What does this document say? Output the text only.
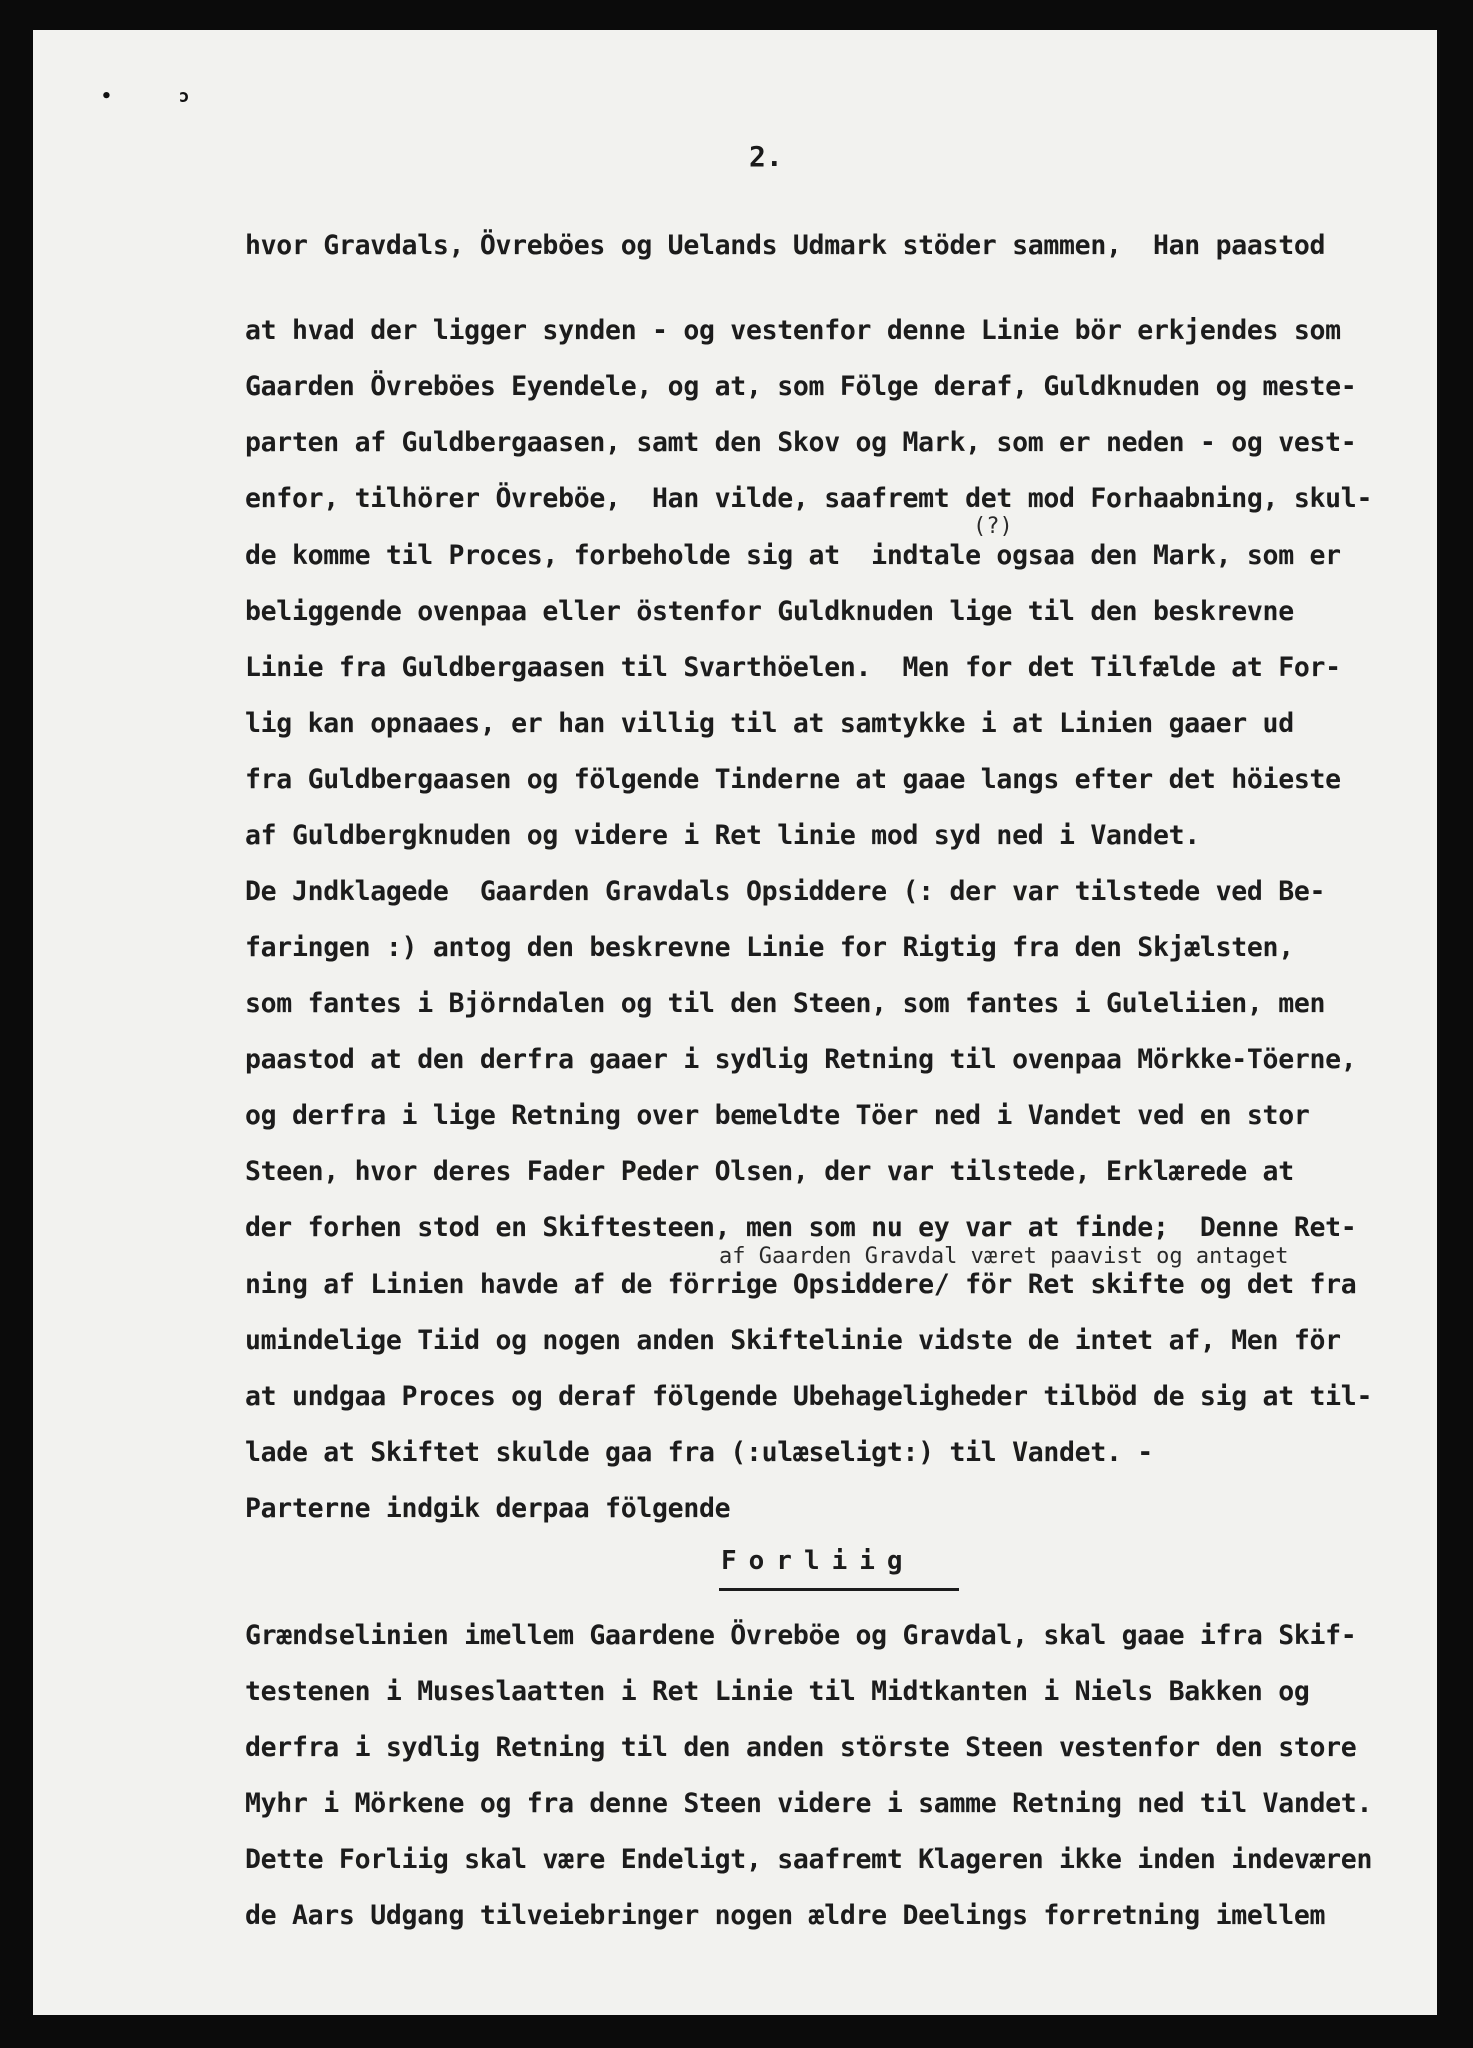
• ͻ
2.
hvor Gravdals, Övreböes og Uelands Udmark stöder sammen,  Han paastod
at hvad der ligger synden - og vestenfor denne Linie bör erkjendes som
Gaarden Övreböes Eyendele, og at, som Fölge deraf, Guldknuden og meste-
parten af Guldbergaasen, samt den Skov og Mark, som er neden - og vest-
enfor, tilhörer Övreböe,  Han vilde, saafremt det mod Forhaabning, skul-
(?)
de komme til Proces, forbeholde sig at  indtale ogsaa den Mark, som er
beliggende ovenpaa eller östenfor Guldknuden lige til den beskrevne
Linie fra Guldbergaasen til Svarthöelen.  Men for det Tilfælde at For-
lig kan opnaaes, er han villig til at samtykke i at Linien gaaer ud
fra Guldbergaasen og fölgende Tinderne at gaae langs efter det höieste
af Guldbergknuden og videre i Ret linie mod syd ned i Vandet.
De Jndklagede  Gaarden Gravdals Opsiddere (: der var tilstede ved Be-
faringen :) antog den beskrevne Linie for Rigtig fra den Skjælsten,
som fantes i Björndalen og til den Steen, som fantes i Guleliien, men
paastod at den derfra gaaer i sydlig Retning til ovenpaa Mörkke-Töerne,
og derfra i lige Retning over bemeldte Töer ned i Vandet ved en stor
Steen, hvor deres Fader Peder Olsen, der var tilstede, Erklærede at
der forhen stod en Skiftesteen, men som nu ey var at finde;  Denne Ret-
af Gaarden Gravdal været paavist og antaget
ning af Linien havde af de förrige Opsiddere/ för Ret skifte og det fra
umindelige Tiid og nogen anden Skiftelinie vidste de intet af, Men för
at undgaa Proces og deraf fölgende Ubehageligheder tilböd de sig at til-
lade at Skiftet skulde gaa fra (:ulæseligt:) til Vandet. -
Parterne indgik derpaa fölgende
Forliig
Grændselinien imellem Gaardene Övreböe og Gravdal, skal gaae ifra Skif-
testenen i Museslaatten i Ret Linie til Midtkanten i Niels Bakken og
derfra i sydlig Retning til den anden störste Steen vestenfor den store
Myhr i Mörkene og fra denne Steen videre i samme Retning ned til Vandet.
Dette Forliig skal være Endeligt, saafremt Klageren ikke inden indeværen
de Aars Udgang tilveiebringer nogen ældre Deelings forretning imellem
